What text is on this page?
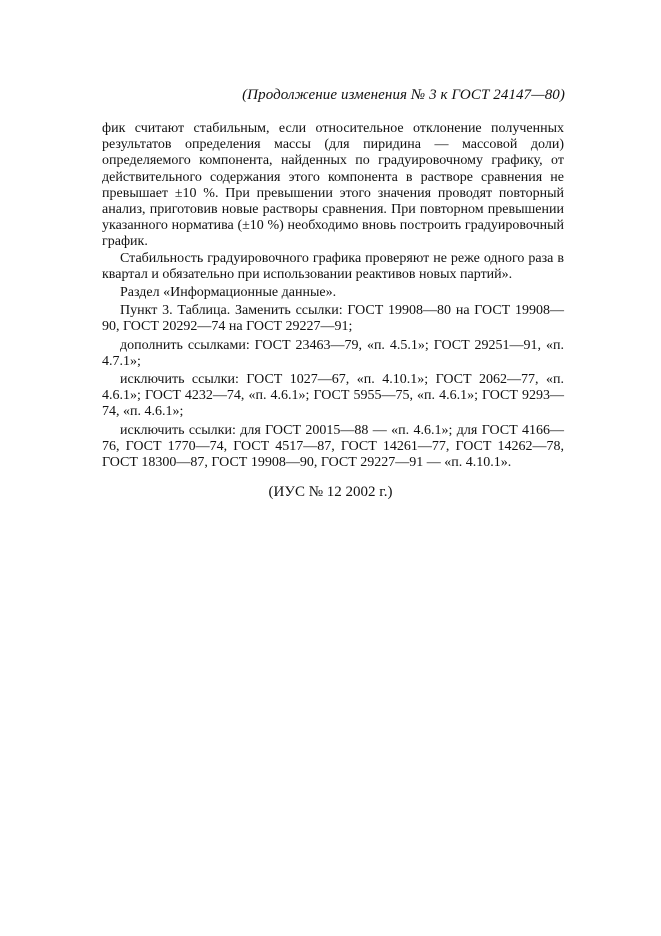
(Продолжение изменения № 3 к ГОСТ 24147—80)

фик считают стабильным, если относительное отклонение полученных результатов определения массы (для пиридина — массовой доли) определяемого компонента, найденных по градуировочному графику, от действительного содержания этого компонента в растворе сравнения не превышает ±10 %. При превышении этого значения проводят повторный анализ, приготовив новые растворы сравнения. При повторном превышении указанного норматива (±10 %) необходимо вновь построить градуировочный график.

Стабильность градуировочного графика проверяют не реже одного раза в квартал и обязательно при использовании реактивов новых партий».

Раздел «Информационные данные».

Пункт 3. Таблица. Заменить ссылки: ГОСТ 19908—80 на ГОСТ 19908—90, ГОСТ 20292—74 на ГОСТ 29227—91;

дополнить ссылками: ГОСТ 23463—79, «п. 4.5.1»; ГОСТ 29251—91, «п. 4.7.1»;

исключить ссылки: ГОСТ 1027—67, «п. 4.10.1»; ГОСТ 2062—77, «п. 4.6.1»; ГОСТ 4232—74, «п. 4.6.1»; ГОСТ 5955—75, «п. 4.6.1»; ГОСТ 9293—74, «п. 4.6.1»;

исключить ссылки: для ГОСТ 20015—88 — «п. 4.6.1»; для ГОСТ 4166—76, ГОСТ 1770—74, ГОСТ 4517—87, ГОСТ 14261—77, ГОСТ 14262—78, ГОСТ 18300—87, ГОСТ 19908—90, ГОСТ 29227—91 — «п. 4.10.1».

(ИУС № 12 2002 г.)
